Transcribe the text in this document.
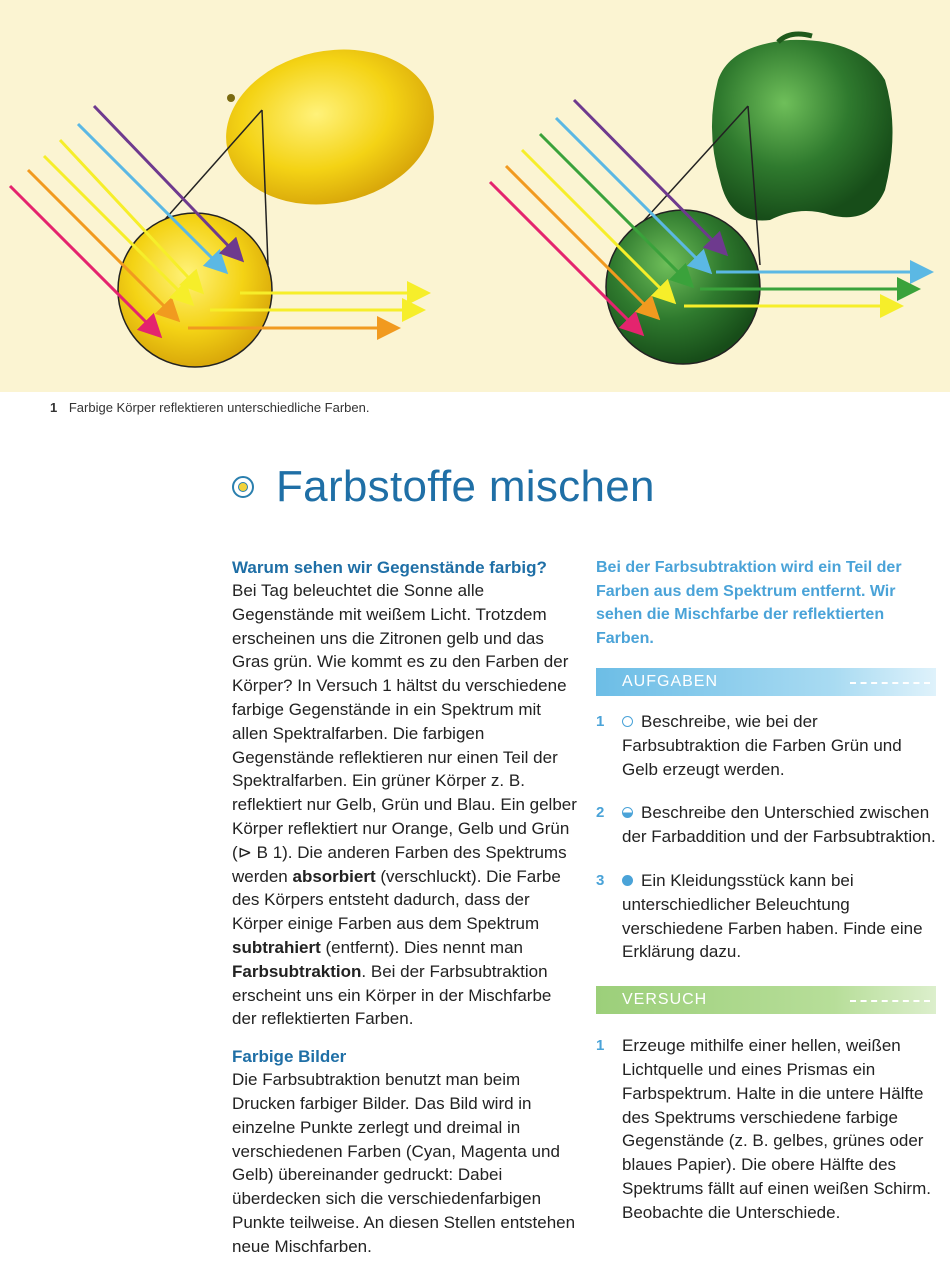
1 Farbige Körper reflektieren unterschiedliche Farben.
Farbstoffe mischen
Warum sehen wir Gegenstände farbig?

Bei Tag beleuchtet die Sonne alle Gegenstände mit weißem Licht. Trotzdem erscheinen uns die Zitronen gelb und das Gras grün. Wie kommt es zu den Farben der Körper? In Versuch 1 hältst du verschiedene farbige Gegenstände in ein Spektrum mit allen Spektralfarben. Die farbigen Gegenstände reflektieren nur einen Teil der Spektralfarben. Ein grüner Körper z. B. reflektiert nur Gelb, Grün und Blau. Ein gelber Körper reflektiert nur Orange, Gelb und Grün (⊳ B 1). Die anderen Farben des Spektrums werden absorbiert (verschluckt). Die Farbe des Körpers entsteht dadurch, dass der Körper einige Farben aus dem Spektrum subtrahiert (entfernt). Dies nennt man Farbsubtraktion. Bei der Farbsubtraktion erscheint uns ein Körper in der Mischfarbe der reflektierten Farben.

Farbige Bilder

Die Farbsubtraktion benutzt man beim Drucken farbiger Bilder. Das Bild wird in einzelne Punkte zerlegt und dreimal in verschiedenen Farben (Cyan, Magenta und Gelb) übereinander gedruckt: Dabei überdecken sich die verschiedenfarbigen Punkte teilweise. An diesen Stellen entstehen neue Mischfarben.

Bei der Farbsubtraktion wird ein Teil der Farben aus dem Spektrum entfernt. Wir sehen die Mischfarbe der reflektierten Farben.
AUFGABEN
1	Beschreibe, wie bei der Farbsubtraktion die Farben Grün und Gelb erzeugt werden.
2	Beschreibe den Unterschied zwischen der Farbaddition und der Farbsubtraktion.
3	Ein Kleidungsstück kann bei unterschiedlicher Beleuchtung verschiedene Farben haben. Finde eine Erklärung dazu.
VERSUCH
1	Erzeuge mithilfe einer hellen, weißen Lichtquelle und eines Prismas ein Farbspektrum. Halte in die untere Hälfte des Spektrums verschiedene farbige Gegenstände (z. B. gelbes, grünes oder blaues Papier). Die obere Hälfte des Spektrums fällt auf einen weißen Schirm. Beobachte die Unterschiede.
